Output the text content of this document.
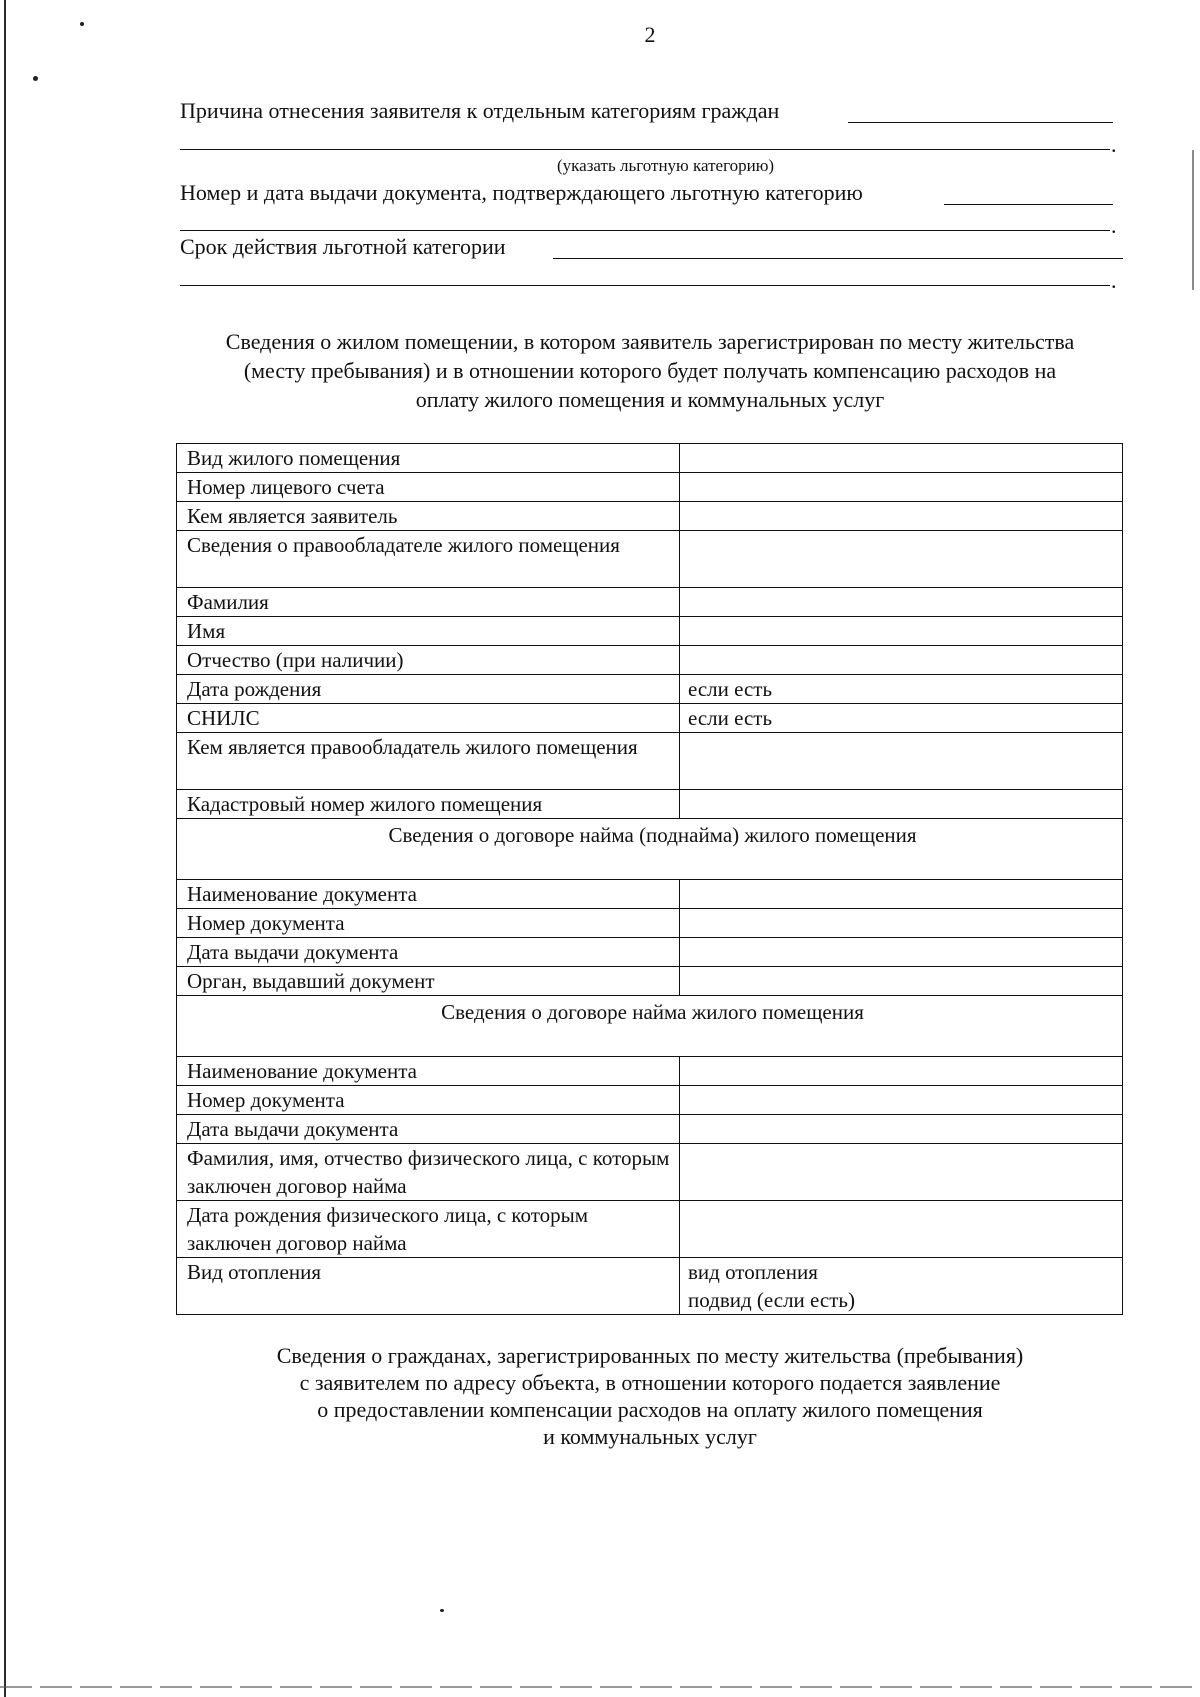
2
Причина отнесения заявителя к отдельным категориям граждан
.
(указать льготную категорию)
Номер и дата выдачи документа, подтверждающего льготную категорию
.
Срок действия льготной категории
.
Сведения о жилом помещении, в котором заявитель зарегистрирован по месту жительства
(месту пребывания) и в отношении которого будет получать компенсацию расходов на
оплату жилого помещения и коммунальных услуг
Вид жилого помещения	
Номер лицевого счета	
Кем является заявитель	
Сведения о правообладателе жилого помещения	
Фамилия	
Имя	
Отчество (при наличии)	
Дата рождения	если есть
СНИЛС	если есть
Кем является правообладатель жилого помещения	
Кадастровый номер жилого помещения	
Сведения о договоре найма (поднайма) жилого помещения	
Наименование документа	
Номер документа	
Дата выдачи документа	
Орган, выдавший документ	
Сведения о договоре найма жилого помещения	
Наименование документа	
Номер документа	
Дата выдачи документа	
Фамилия, имя, отчество физического лица, с которым заключен договор найма	
Дата рождения физического лица, с которым заключен договор найма	
Вид отопления	вид отопления
подвид (если есть)
Сведения о гражданах, зарегистрированных по месту жительства (пребывания)
с заявителем по адресу объекта, в отношении которого подается заявление
о предоставлении компенсации расходов на оплату жилого помещения
и коммунальных услуг
